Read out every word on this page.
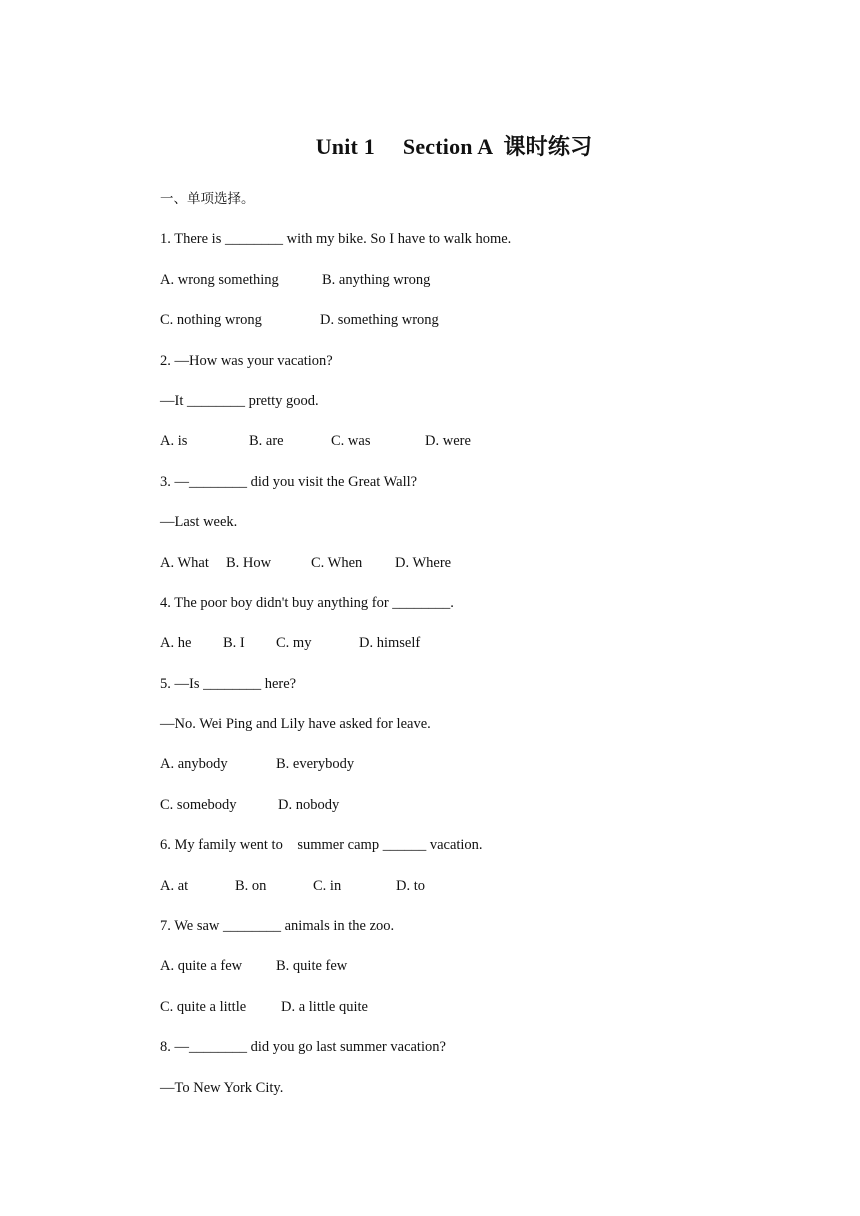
Unit 1　 Section A  课时练习
一、单项选择。
1. There is ________ with my bike. So I have to walk home.
A. wrong something	B. anything wrong
C. nothing wrong	D. something wrong
2. —How was your vacation?
—It ________ pretty good.
A. is	B. are	C. was	D. were
3. —________ did you visit the Great Wall?
—Last week.
A. What B. How	C. When D. Where
4. The poor boy didn't buy anything for ________.
A. he B. I C. my	D. himself
5. —Is ________ here?
—No. Wei Ping and Lily have asked for leave.
A. anybody	B. everybody
C. somebody	D. nobody
6. My family went to    summer camp ______ vacation.
A. at	B. on	C. in	D. to
7. We saw ________ animals in the zoo.
A. quite a few B. quite few
C. quite a little D. a little quite
8. —________ did you go last summer vacation?
—To New York City.
